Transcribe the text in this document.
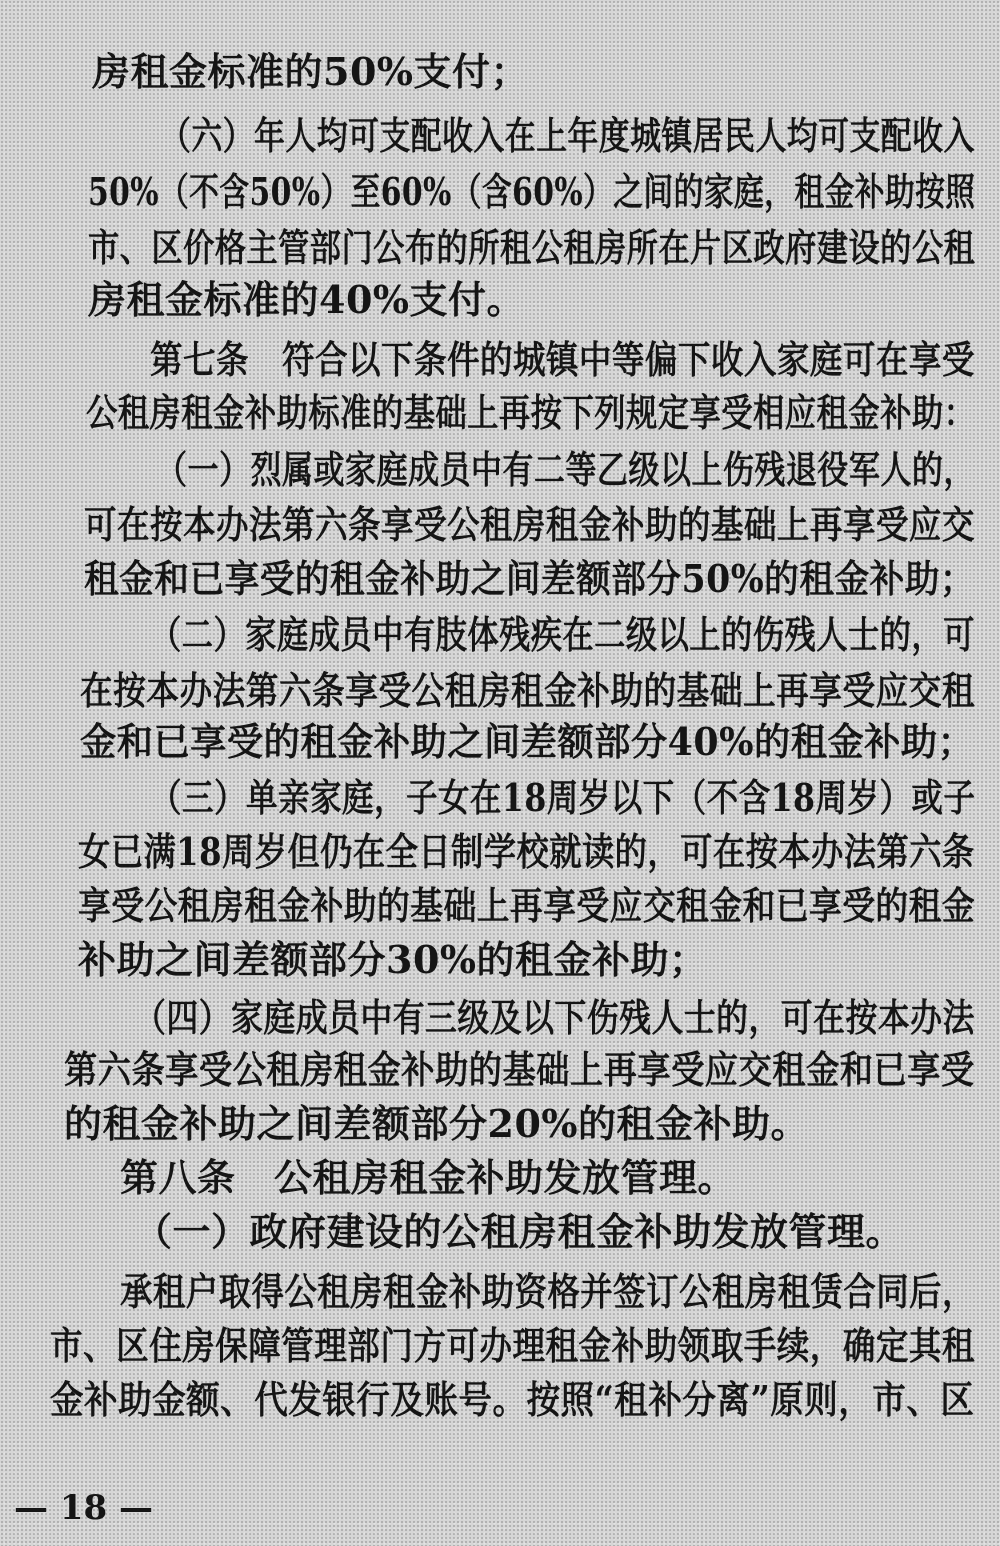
房租金标准的50%支付；
（六）年人均可支配收入在上年度城镇居民人均可支配收入
50%（不含50%）至60%（含60%）之间的家庭，租金补助按照
市、区价格主管部门公布的所租公租房所在片区政府建设的公租
房租金标准的40%支付。
第七条　符合以下条件的城镇中等偏下收入家庭可在享受
公租房租金补助标准的基础上再按下列规定享受相应租金补助：
（一）烈属或家庭成员中有二等乙级以上伤残退役军人的，
可在按本办法第六条享受公租房租金补助的基础上再享受应交
租金和已享受的租金补助之间差额部分50%的租金补助；
（二）家庭成员中有肢体残疾在二级以上的伤残人士的，可
在按本办法第六条享受公租房租金补助的基础上再享受应交租
金和已享受的租金补助之间差额部分40%的租金补助；
（三）单亲家庭，子女在18周岁以下（不含18周岁）或子
女已满18周岁但仍在全日制学校就读的，可在按本办法第六条
享受公租房租金补助的基础上再享受应交租金和已享受的租金
补助之间差额部分30%的租金补助；
（四）家庭成员中有三级及以下伤残人士的，可在按本办法
第六条享受公租房租金补助的基础上再享受应交租金和已享受
的租金补助之间差额部分20%的租金补助。
第八条　公租房租金补助发放管理。
（一）政府建设的公租房租金补助发放管理。
承租户取得公租房租金补助资格并签订公租房租赁合同后，
市、区住房保障管理部门方可办理租金补助领取手续，确定其租
金补助金额、代发银行及账号。按照“租补分离”原则，市、区
— 18 —
